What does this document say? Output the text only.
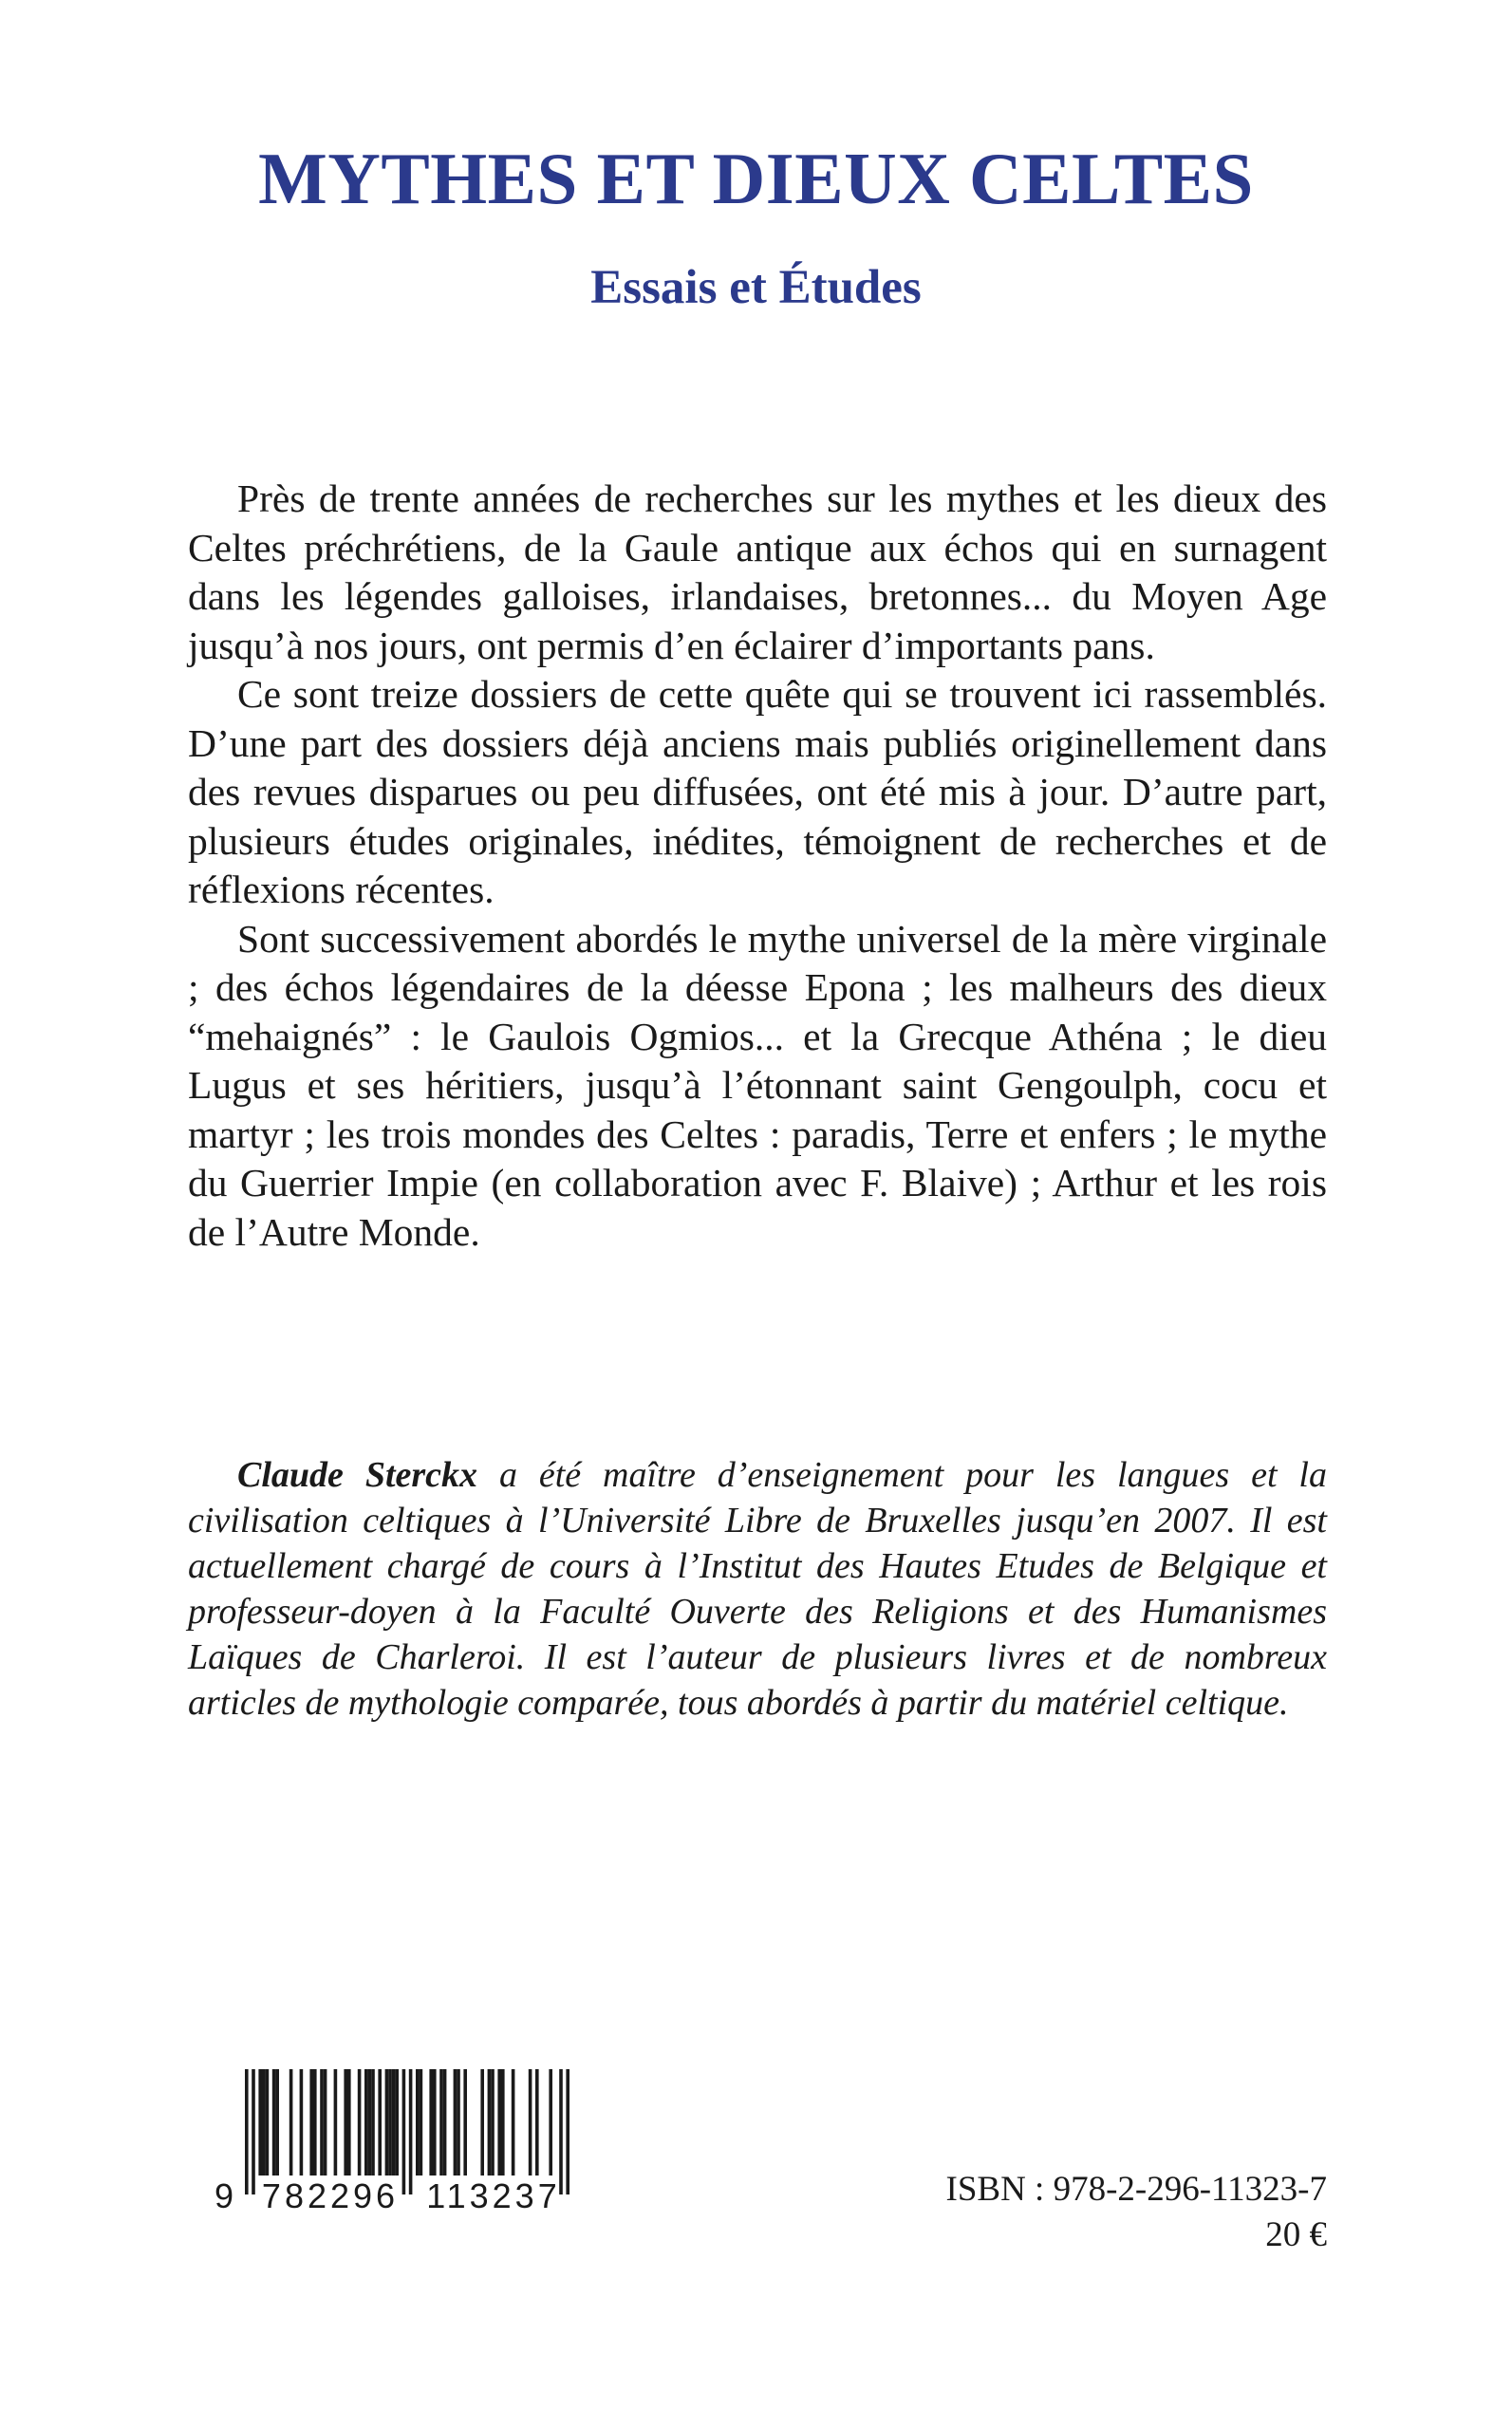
MYTHES ET DIEUX CELTES
Essais et Études

Près de trente années de recherches sur les mythes et les dieux des Celtes préchrétiens, de la Gaule antique aux échos qui en surnagent dans les légendes galloises, irlandaises, bretonnes... du Moyen Age jusqu’à nos jours, ont permis d’en éclairer d’importants pans.

Ce sont treize dossiers de cette quête qui se trouvent ici rassemblés. D’une part des dossiers déjà anciens mais publiés originellement dans des revues disparues ou peu diffusées, ont été mis à jour. D’autre part, plusieurs études originales, inédites, témoignent de recherches et de réflexions récentes.

Sont successivement abordés le mythe universel de la mère virginale ; des échos légendaires de la déesse Epona ; les malheurs des dieux “mehaignés” : le Gaulois Ogmios... et la Grecque Athéna ; le dieu Lugus et ses héritiers, jusqu’à l’étonnant saint Gengoulph, cocu et martyr ; les trois mondes des Celtes : paradis, Terre et enfers ; le mythe du Guerrier Impie (en collaboration avec F. Blaive) ; Arthur et les rois de l’Autre Monde.

Claude Sterckx a été maître d’enseignement pour les langues et la civilisation celtiques à l’Université Libre de Bruxelles jusqu’en 2007. Il est actuellement chargé de cours à l’Institut des Hautes Etudes de Belgique et professeur-doyen à la Faculté Ouverte des Religions et des Humanismes Laïques de Charleroi. Il est l’auteur de plusieurs livres et de nombreux articles de mythologie comparée, tous abordés à partir du matériel celtique.

9 782296 113237	ISBN : 978-2-296-11323-7
20 €
